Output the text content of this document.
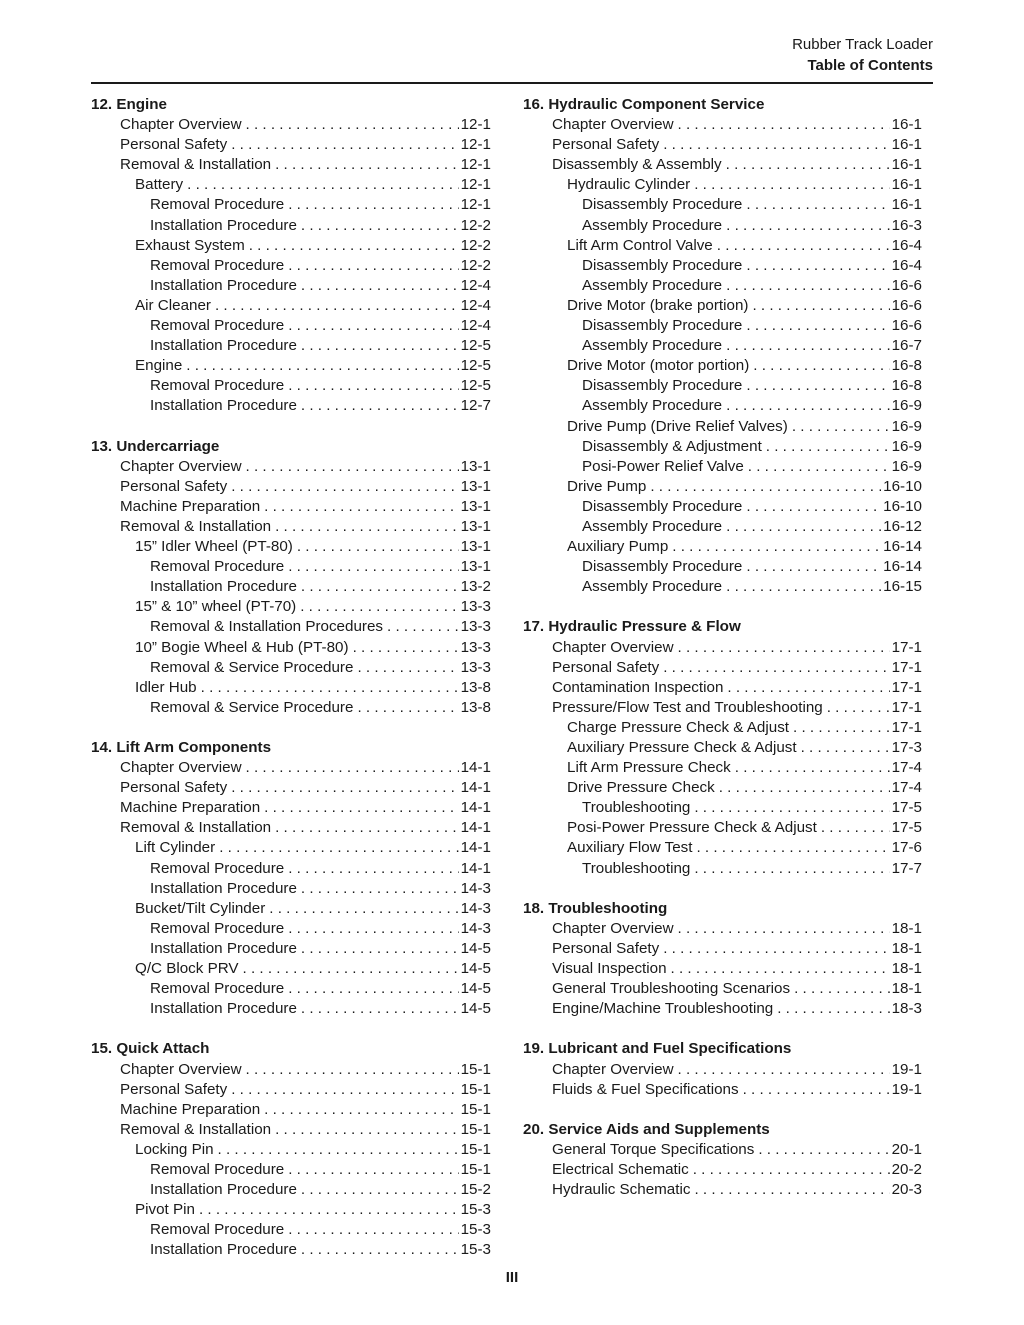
Rubber Track Loader
Table of Contents
12. Engine
Chapter Overview . . .	12-1
Personal Safety . . .	12-1
Removal & Installation . . .	12-1
Battery . . .	12-1
Removal Procedure . . .	12-1
Installation Procedure . . .	12-2
Exhaust System . . .	12-2
Removal Procedure . . .	12-2
Installation Procedure . . .	12-4
Air Cleaner . . .	12-4
Removal Procedure . . .	12-4
Installation Procedure . . .	12-5
Engine . . .	12-5
Removal Procedure . . .	12-5
Installation Procedure . . .	12-7
13. Undercarriage
Chapter Overview . . .	13-1
Personal Safety . . .	13-1
Machine Preparation . . .	13-1
Removal & Installation . . .	13-1
15” Idler Wheel (PT-80) . . .	13-1
Removal Procedure . . .	13-1
Installation Procedure . . .	13-2
15” & 10” wheel (PT-70) . . .	13-3
Removal & Installation Procedures . . .	13-3
10” Bogie Wheel & Hub (PT-80) . . .	13-3
Removal & Service Procedure . . .	13-3
Idler Hub . . .	13-8
Removal & Service Procedure . . .	13-8
14. Lift Arm Components
Chapter Overview . . .	14-1
Personal Safety . . .	14-1
Machine Preparation . . .	14-1
Removal & Installation . . .	14-1
Lift Cylinder . . .	14-1
Removal Procedure . . .	14-1
Installation Procedure . . .	14-3
Bucket/Tilt Cylinder . . .	14-3
Removal Procedure . . .	14-3
Installation Procedure . . .	14-5
Q/C Block PRV . . .	14-5
Removal Procedure . . .	14-5
Installation Procedure . . .	14-5
15. Quick Attach
Chapter Overview . . .	15-1
Personal Safety . . .	15-1
Machine Preparation . . .	15-1
Removal & Installation . . .	15-1
Locking Pin . . .	15-1
Removal Procedure . . .	15-1
Installation Procedure . . .	15-2
Pivot Pin . . .	15-3
Removal Procedure . . .	15-3
Installation Procedure . . .	15-3
16. Hydraulic Component Service
Chapter Overview . . .	16-1
Personal Safety . . .	16-1
Disassembly & Assembly . . .	16-1
Hydraulic Cylinder . . .	16-1
Disassembly Procedure . . .	16-1
Assembly Procedure . . .	16-3
Lift Arm Control Valve . . .	16-4
Disassembly Procedure . . .	16-4
Assembly Procedure . . .	16-6
Drive Motor (brake portion) . . .	16-6
Disassembly Procedure . . .	16-6
Assembly Procedure . . .	16-7
Drive Motor (motor portion) . . .	16-8
Disassembly Procedure . . .	16-8
Assembly Procedure . . .	16-9
Drive Pump (Drive Relief Valves) . . .	16-9
Disassembly & Adjustment . . .	16-9
Posi-Power Relief Valve . . .	16-9
Drive Pump . . .	16-10
Disassembly Procedure . . .	16-10
Assembly Procedure . . .	16-12
Auxiliary Pump . . .	16-14
Disassembly Procedure . . .	16-14
Assembly Procedure . . .	16-15
17. Hydraulic Pressure & Flow
Chapter Overview . . .	17-1
Personal Safety . . .	17-1
Contamination Inspection . . .	17-1
Pressure/Flow Test and Troubleshooting . . .	17-1
Charge Pressure Check & Adjust . . .	17-1
Auxiliary Pressure Check & Adjust . . .	17-3
Lift Arm Pressure Check . . .	17-4
Drive Pressure Check . . .	17-4
Troubleshooting . . .	17-5
Posi-Power Pressure Check & Adjust . . .	17-5
Auxiliary Flow Test . . .	17-6
Troubleshooting . . .	17-7
18. Troubleshooting
Chapter Overview . . .	18-1
Personal Safety . . .	18-1
Visual Inspection . . .	18-1
General Troubleshooting Scenarios . . .	18-1
Engine/Machine Troubleshooting . . .	18-3
19. Lubricant and Fuel Specifications
Chapter Overview . . .	19-1
Fluids & Fuel Specifications . . .	19-1
20. Service Aids and Supplements
General Torque Specifications . . .	20-1
Electrical Schematic . . .	20-2
Hydraulic Schematic . . .	20-3
III
